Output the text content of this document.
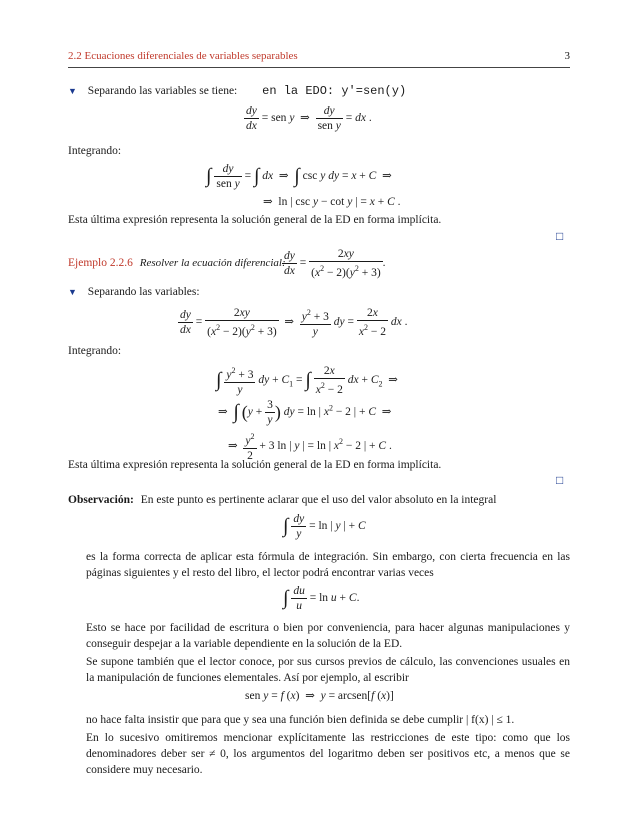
2.2 Ecuaciones diferenciales de variables separables	3
▼ Separando las variables se tiene: en la EDO: y'=sen(y)
$\frac{dy}{dx}$ = sen y  ⇒ $\frac{dy}{\text{sen y}}$ = dx .
Integrando:
∫ $\frac{dy}{\text{sen y}}$ = ∫ dx  ⇒  ∫ csc y dy = x + C  ⇒
⇒  ln | csc y − cot y | = x + C .
Esta última expresión representa la solución general de la ED en forma implícita.
□
Ejemplo 2.2.6 Resolver la ecuación diferencial:
$\frac{dy}{dx} = \frac{2xy}{(x^2 - 2)(y^2 + 3)}$ .
▼ Separando las variables:
$\frac{dy}{dx} = \frac{2xy}{(x^2 - 2)(y^2 + 3)}$ ⇒ $\frac{y^2 + 3}{y}$ dy = $\frac{2x}{x^2 - 2}$ dx .
Integrando:
∫ $\frac{y^2 + 3}{y}$ dy + $C_1$ = ∫ $\frac{2x}{x^2 - 2}$ dx + $C_2$  ⇒
⇒  ∫ ($y + \frac{3}{y}$ ) dy = ln | $x^2 - 2$ | + C  ⇒
⇒ $\frac{y^2}{2} + 3$ ln | y | = ln | $x^2 - 2$ | + C .
Esta última expresión representa la solución general de la ED en forma implícita.
□
Observación: En este punto es pertinente aclarar que el uso del valor absoluto en la integral
∫ $\frac{dy}{y} = \ln$ | y | + C

es la forma correcta de aplicar esta fórmula de integración. Sin embargo, con cierta frecuencia en las páginas siguientes y el resto del libro, el lector podrá encontrar varias veces

∫ $\frac{du}{u} = \ln u + C$.

Esto se hace por facilidad de escritura o bien por conveniencia, para hacer algunas manipulaciones y conseguir despejar a la variable dependiente en la solución de la ED.

Se supone también que el lector conoce, por sus cursos previos de cálculo, las convenciones usuales en la manipulación de funciones elementales. Así por ejemplo, al escribir

sen y = f (x)  ⇒  y = arcsen[f (x)]

no hace falta insistir que para que y sea una función bien definida se debe cumplir | f(x) | ≤ 1.

En lo sucesivo omitiremos mencionar explícitamente las restricciones de este tipo: como que los denominadores deber ser ≠ 0, los argumentos del logaritmo deben ser positivos etc, a menos que se considere muy necesario.
